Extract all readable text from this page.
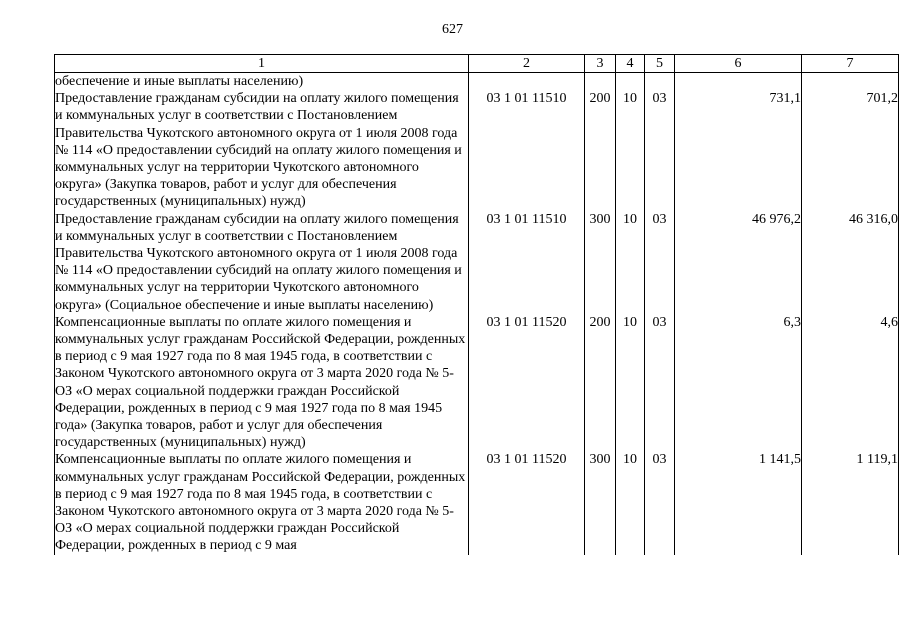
627
1	2	3	4	5	6	7
обеспечение и иные выплаты населению)						
Предоставление гражданам субсидии на оплату жилого помещения и коммунальных услуг в соответствии с Постановлением Правительства Чукотского автономного округа от 1 июля 2008 года № 114 «О предоставлении субсидий на оплату жилого помещения и коммунальных услуг на территории Чукотского автономного округа» (Закупка товаров, работ и услуг для обеспечения государственных (муниципальных) нужд)	03 1 01 11510	200	10	03	731,1	701,2
Предоставление гражданам субсидии на оплату жилого помещения и коммунальных услуг в соответствии с Постановлением Правительства Чукотского автономного округа от 1 июля 2008 года № 114 «О предоставлении субсидий на оплату жилого помещения и коммунальных услуг на территории Чукотского автономного округа» (Социальное обеспечение и иные выплаты населению)	03 1 01 11510	300	10	03	46 976,2	46 316,0
Компенсационные выплаты по оплате жилого помещения и коммунальных услуг гражданам Российской Федерации, рожденных в период с 9 мая 1927 года по 8 мая 1945 года, в соответствии с Законом Чукотского автономного округа от 3 марта 2020 года № 5-ОЗ «О мерах социальной поддержки граждан Российской Федерации, рожденных в период с 9 мая 1927 года по 8 мая 1945 года» (Закупка товаров, работ и услуг для обеспечения государственных (муниципальных) нужд)	03 1 01 11520	200	10	03	6,3	4,6
Компенсационные выплаты по оплате жилого помещения и коммунальных услуг гражданам Российской Федерации, рожденных в период с 9 мая 1927 года по 8 мая 1945 года, в соответствии с Законом Чукотского автономного округа от 3 марта 2020 года № 5-ОЗ «О мерах социальной поддержки граждан Российской Федерации, рожденных в период с 9 мая	03 1 01 11520	300	10	03	1 141,5	1 119,1
